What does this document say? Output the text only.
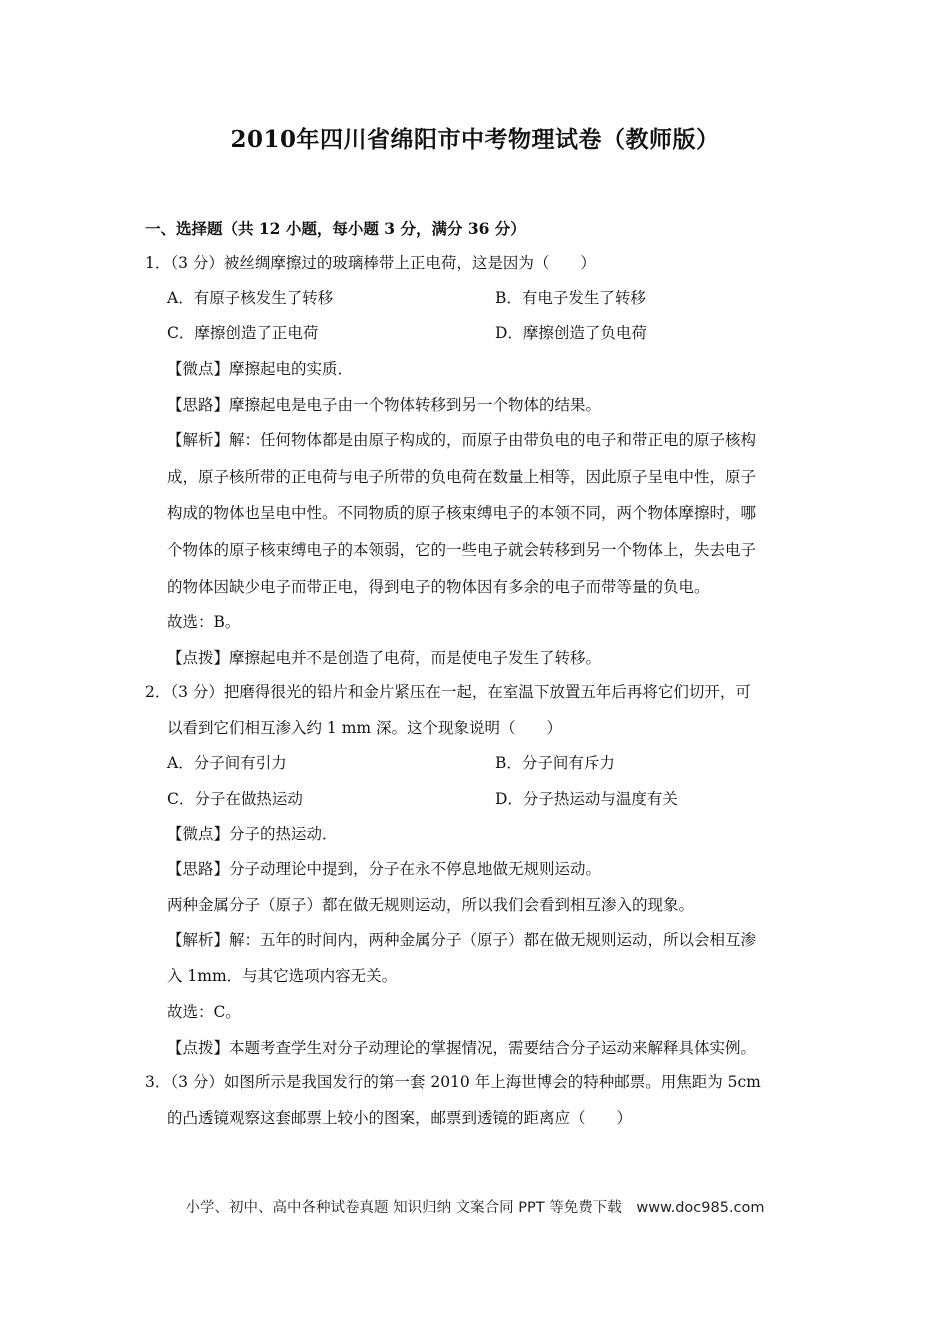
2010年四川省绵阳市中考物理试卷（教师版）
一、选择题（共 12 小题，每小题 3 分，满分 36 分）
1．（3 分）被丝绸摩擦过的玻璃棒带上正电荷，这是因为（　　）
A．有原子核发生了转移	B．有电子发生了转移
C．摩擦创造了正电荷	D．摩擦创造了负电荷
【微点】摩擦起电的实质．
【思路】摩擦起电是电子由一个物体转移到另一个物体的结果。
【解析】解：任何物体都是由原子构成的，而原子由带负电的电子和带正电的原子核构
成，原子核所带的正电荷与电子所带的负电荷在数量上相等，因此原子呈电中性，原子
构成的物体也呈电中性。不同物质的原子核束缚电子的本领不同，两个物体摩擦时，哪
个物体的原子核束缚电子的本领弱，它的一些电子就会转移到另一个物体上，失去电子
的物体因缺少电子而带正电，得到电子的物体因有多余的电子而带等量的负电。
故选：B。
【点拨】摩擦起电并不是创造了电荷，而是使电子发生了转移。
2．（3 分）把磨得很光的铅片和金片紧压在一起，在室温下放置五年后再将它们切开，可
以看到它们相互渗入约 1 mm 深。这个现象说明（　　）
A．分子间有引力	B．分子间有斥力
C．分子在做热运动	D．分子热运动与温度有关
【微点】分子的热运动．
【思路】分子动理论中提到，分子在永不停息地做无规则运动。
两种金属分子（原子）都在做无规则运动，所以我们会看到相互渗入的现象。
【解析】解：五年的时间内，两种金属分子（原子）都在做无规则运动，所以会相互渗
入 1mm．与其它选项内容无关。
故选：C。
【点拨】本题考查学生对分子动理论的掌握情况，需要结合分子运动来解释具体实例。
3．（3 分）如图所示是我国发行的第一套 2010 年上海世博会的特种邮票。用焦距为 5cm
的凸透镜观察这套邮票上较小的图案，邮票到透镜的距离应（　　）
小学、初中、高中各种试卷真题 知识归纳 文案合同 PPT 等免费下载 www.doc985.com
